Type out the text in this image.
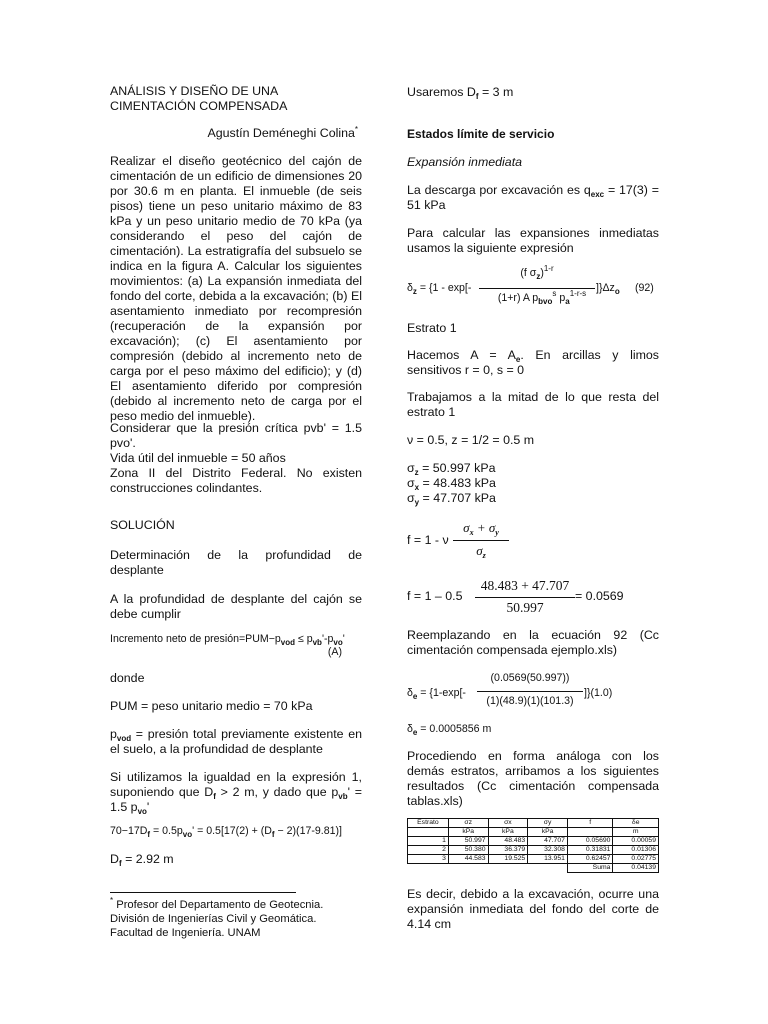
ANÁLISIS Y DISEÑO DE UNA
CIMENTACIÓN COMPENSADA
Agustín Deméneghi Colina*

Realizar el diseño geotécnico del cajón de cimentación de un edificio de dimensiones 20 por 30.6 m en planta. El inmueble (de seis pisos) tiene un peso unitario máximo de 83 kPa y un peso unitario medio de 70 kPa (ya considerando el peso del cajón de cimentación). La estratigrafía del subsuelo se indica en la figura A. Calcular los siguientes movimientos: (a) La expansión inmediata del fondo del corte, debida a la excavación; (b) El asentamiento inmediato por recompresión (recuperación de la expansión por excavación); (c) El asentamiento por compresión (debido al incremento neto de carga por el peso máximo del edificio); y (d) El asentamiento diferido por compresión (debido al incremento neto de carga por el peso medio del inmueble).

Considerar que la presión crítica pvb' = 1.5 pvo'.

Vida útil del inmueble = 50 años

Zona II del Distrito Federal. No existen construcciones colindantes.

SOLUCIÓN

Determinación de la profundidad de desplante

A la profundidad de desplante del cajón se debe cumplir

Incremento neto de $presión=PUM-p_{vod} \le p_{vb}'-p_{vo}'$
(A)

donde

PUM = peso unitario medio = 70 kPa

$p_{vod}$ = presión total previamente existente en el suelo, a la profundidad de desplante

Si utilizamos la igualdad en la expresión 1, suponiendo que $D_f > 2$ m, y dado que $p_{vb}' = 1.5$ $p_{vo}'$

$70-17D_f = 0.5p_{vo}' = 0.5[17(2) + (D_f - 2)(17-9.81)]$

$D_f = 2.92$ m

* Profesor del Departamento de Geotecnia.
División de Ingenierías Civil y Geomática.
Facultad de Ingeniería. UNAM

Usaremos $D_f = 3$ m

Estados límite de servicio

Expansión inmediata

La descarga por excavación es $q_{exc} = 17(3) = 51$ kPa

Para calcular las expansiones inmediatas usamos la siguiente expresión

$\delta_z = \{1 - \exp[-$
(f $\sigma_z)^{1-r}$
(1+r) A $p_{bvo}^s$ $p_a^{1-r-s}$ ]}$\Delta z_o$ (92)

Estrato 1

Hacemos $A = A_e$. En arcillas y limos sensitivos r = 0, s = 0

Trabajamos a la mitad de lo que resta del estrato 1

ν = 0.5, z = 1/2 = 0.5 m

$\sigma_z = 50.997$ kPa
$\sigma_x = 48.483$ kPa
$\sigma_y = 47.707$ kPa
f = 1 - ν
$\sigma_x + \sigma_y$
$\sigma_z$
f = 1 – 0.5
48.483 + 47.707
50.997
= 0.0569

Reemplazando en la ecuación 92 (Cc cimentación compensada ejemplo.xls)

$\delta_e = \{1-\exp[-$
(0.0569(50.997))
(1)(48.9)(1)(101.3)
]}(1.0)
$\delta_e = 0.0005856$ m

Procediendo en forma análoga con los demás estratos, arribamos a los siguientes resultados (Cc cimentación compensada tablas.xls)

Estrato	σz	σx	σy	f	δe
	kPa	kPa	kPa		m
1	50.997	48.483	47.707	0.05690	0.00059
2	50.380	36.379	32.308	0.31831	0.01306
3	44.583	19.525	13.951	0.62457	0.02775
				Suma	0.04139

Es decir, debido a la excavación, ocurre una expansión inmediata del fondo del corte de 4.14 cm
